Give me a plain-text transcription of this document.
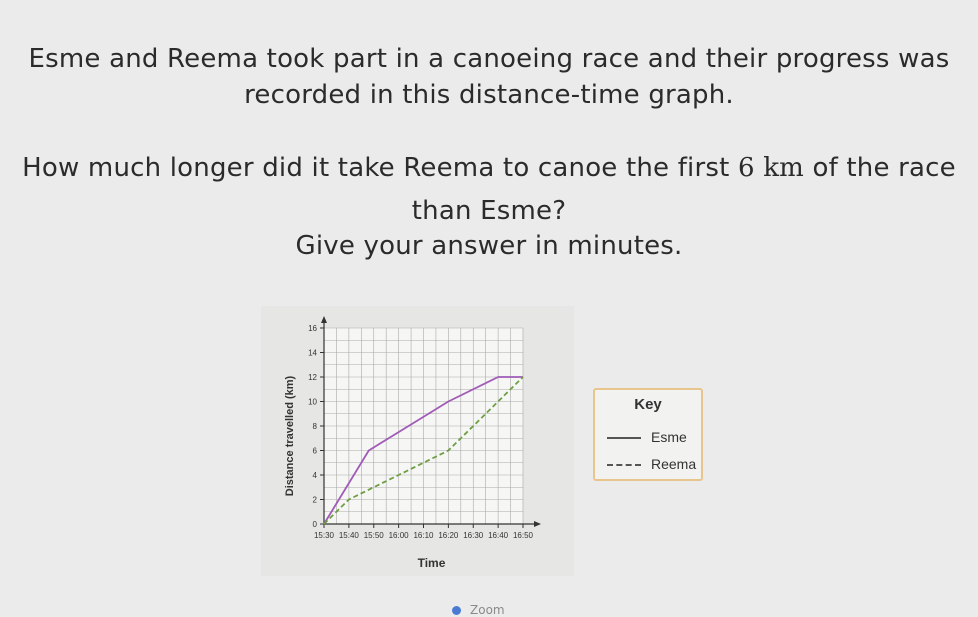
Esme and Reema took part in a canoeing race and their progress was
recorded in this distance-time graph.
How much longer did it take Reema to canoe the first 6 km of the race
than Esme?
Give your answer in minutes.
0
2
4
6
8
10
12
14
16
15:30 15:40 15:50 16:00 16:10 16:20 16:30 16:40 16:50
Time
Distance travelled (km)	Key
Esme
Reema
Zoom
